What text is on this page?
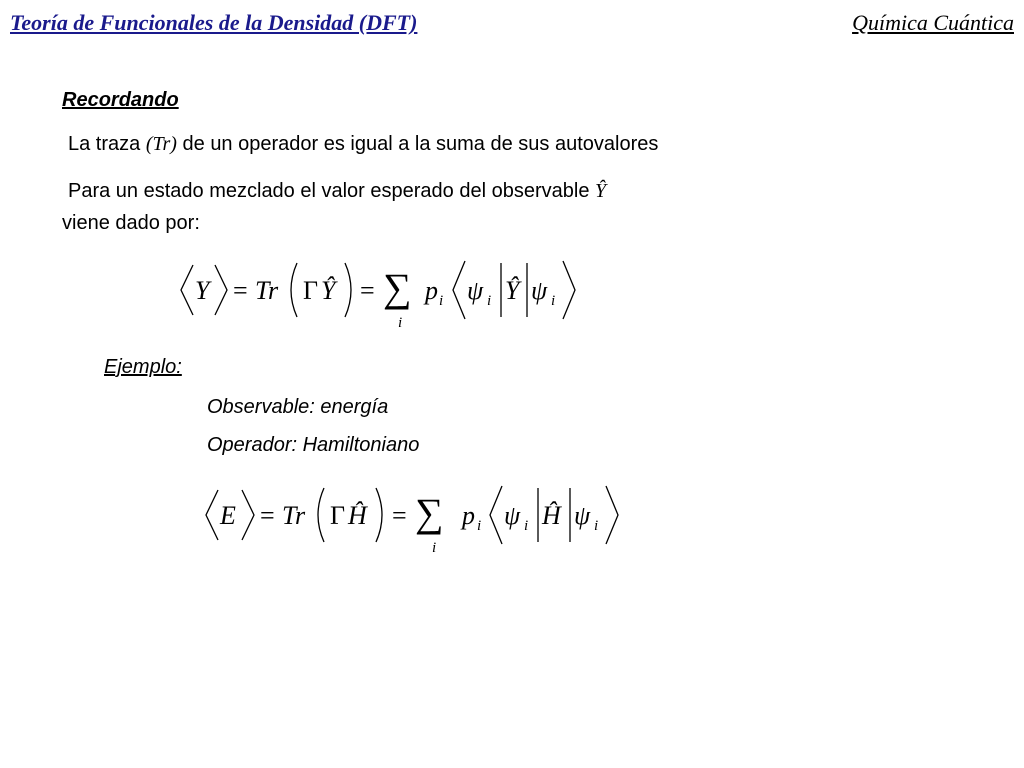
Teoría de Funcionales de la Densidad (DFT)	Química Cuántica
Recordando
La traza (Tr) de un operador es igual a la suma de sus autovalores
Para un estado mezclado el valor esperado del observable Ŷ
viene dado por:
Y = Tr Γ Ŷ = ∑
i
p i ψ i Ŷ ψ i
Ejemplo:
Observable: energía
Operador: Hamiltoniano
E = Tr Γ Ĥ = ∑
i
p i ψ i Ĥ ψ i
